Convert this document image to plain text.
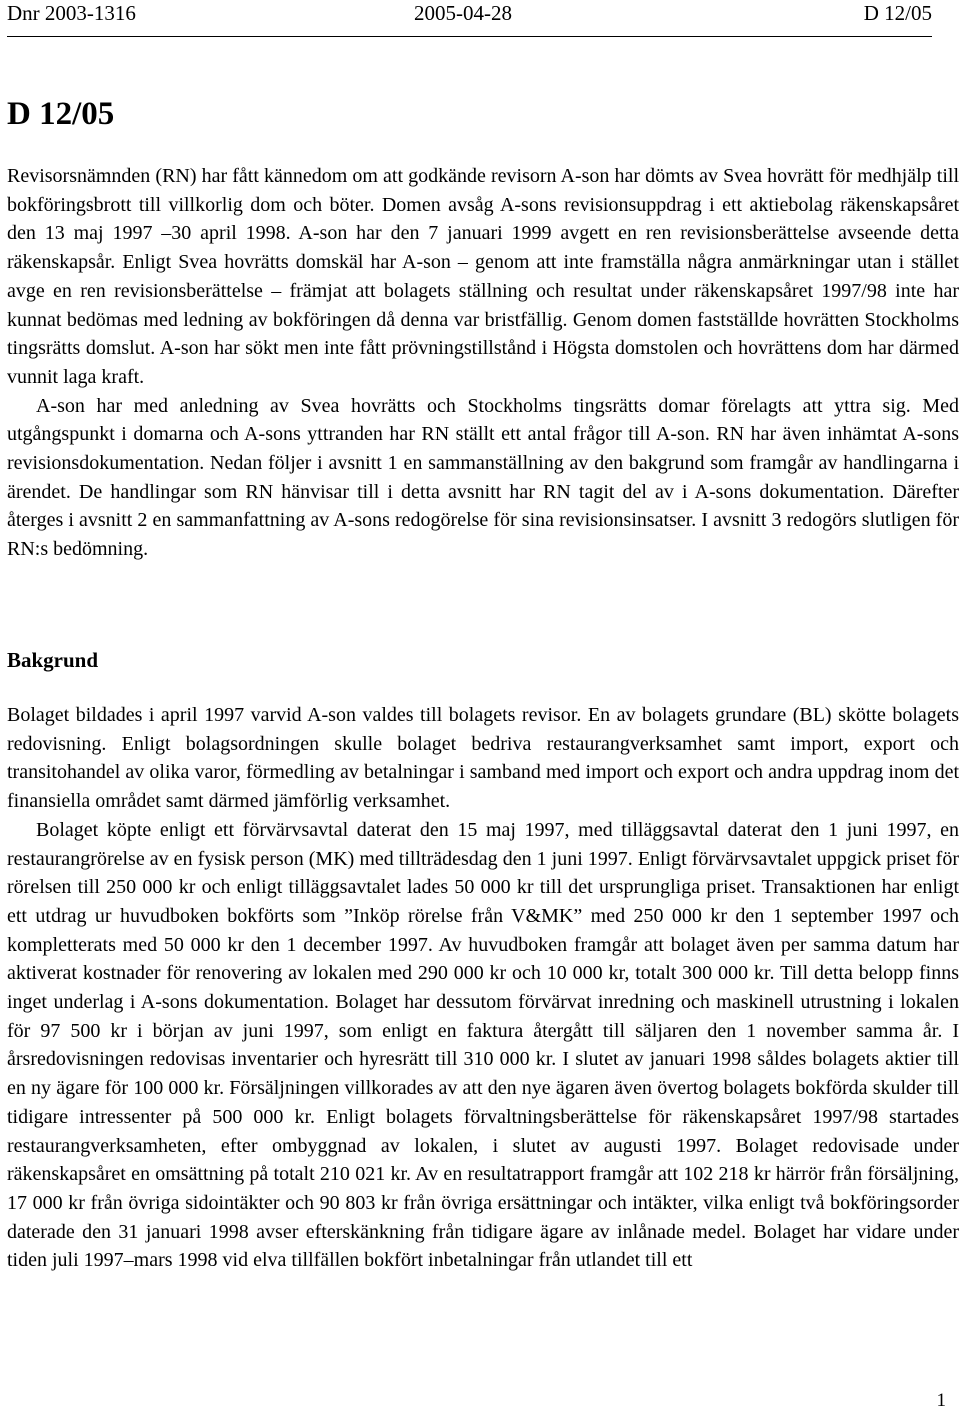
Dnr 2003-1316	2005-04-28	D 12/05
D 12/05

Revisorsnämnden (RN) har fått kännedom om att godkände revisorn A-son har dömts av Svea hovrätt för medhjälp till bokföringsbrott till villkorlig dom och böter. Domen avsåg A-sons revisionsuppdrag i ett aktiebolag räkenskapsåret den 13 maj 1997 –30 april 1998. A-son har den 7 januari 1999 avgett en ren revisionsberättelse avseende detta räkenskapsår. Enligt Svea hovrätts domskäl har A-son – genom att inte framställa några anmärkningar utan i stället avge en ren revisionsberättelse – främjat att bolagets ställning och resultat under räkenskapsåret 1997/98 inte har kunnat bedömas med ledning av bokföringen då denna var bristfällig. Genom domen fastställde hovrätten Stockholms tingsrätts domslut. A-son har sökt men inte fått prövningstillstånd i Högsta domstolen och hovrättens dom har därmed vunnit laga kraft.

A-son har med anledning av Svea hovrätts och Stockholms tingsrätts domar förelagts att yttra sig. Med utgångspunkt i domarna och A-sons yttranden har RN ställt ett antal frågor till A-son. RN har även inhämtat A-sons revisionsdokumentation. Nedan följer i avsnitt 1 en sammanställning av den bakgrund som framgår av handlingarna i ärendet. De handlingar som RN hänvisar till i detta avsnitt har RN tagit del av i A-sons dokumentation. Därefter återges i avsnitt 2 en sammanfattning av A-sons redogörelse för sina revisionsinsatser. I avsnitt 3 redogörs slutligen för RN:s bedömning.

Bakgrund

Bolaget bildades i april 1997 varvid A-son valdes till bolagets revisor. En av bolagets grundare (BL) skötte bolagets redovisning. Enligt bolagsordningen skulle bolaget bedriva restaurangverksamhet samt import, export och transitohandel av olika varor, förmedling av betalningar i samband med import och export och andra uppdrag inom det finansiella området samt därmed jämförlig verksamhet.

Bolaget köpte enligt ett förvärvsavtal daterat den 15 maj 1997, med tilläggsavtal daterat den 1 juni 1997, en restaurangrörelse av en fysisk person (MK) med tillträdesdag den 1 juni 1997. Enligt förvärvsavtalet uppgick priset för rörelsen till 250 000 kr och enligt tilläggsavtalet lades 50 000 kr till det ursprungliga priset. Transaktionen har enligt ett utdrag ur huvudboken bokförts som ”Inköp rörelse från V&MK” med 250 000 kr den 1 september 1997 och kompletterats med 50 000 kr den 1 december 1997. Av huvudboken framgår att bolaget även per samma datum har aktiverat kostnader för renovering av lokalen med 290 000 kr och 10 000 kr, totalt 300 000 kr. Till detta belopp finns inget underlag i A-sons dokumentation. Bolaget har dessutom förvärvat inredning och maskinell utrustning i lokalen för 97 500 kr i början av juni 1997, som enligt en faktura återgått till säljaren den 1 november samma år. I årsredovisningen redovisas inventarier och hyresrätt till 310 000 kr. I slutet av januari 1998 såldes bolagets aktier till en ny ägare för 100 000 kr. Försäljningen villkorades av att den nye ägaren även övertog bolagets bokförda skulder till tidigare intressenter på 500 000 kr. Enligt bolagets förvaltningsberättelse för räkenskapsåret 1997/98 startades restaurangverksamheten, efter ombyggnad av lokalen, i slutet av augusti 1997. Bolaget redovisade under räkenskapsåret en omsättning på totalt 210 021 kr. Av en resultatrapport framgår att 102 218 kr härrör från försäljning, 17 000 kr från övriga sidointäkter och 90 803 kr från övriga ersättningar och intäkter, vilka enligt två bokföringsorder daterade den 31 januari 1998 avser efterskänkning från tidigare ägare av inlånade medel. Bolaget har vidare under tiden juli 1997–mars 1998 vid elva tillfällen bokfört inbetalningar från utlandet till ett

1
